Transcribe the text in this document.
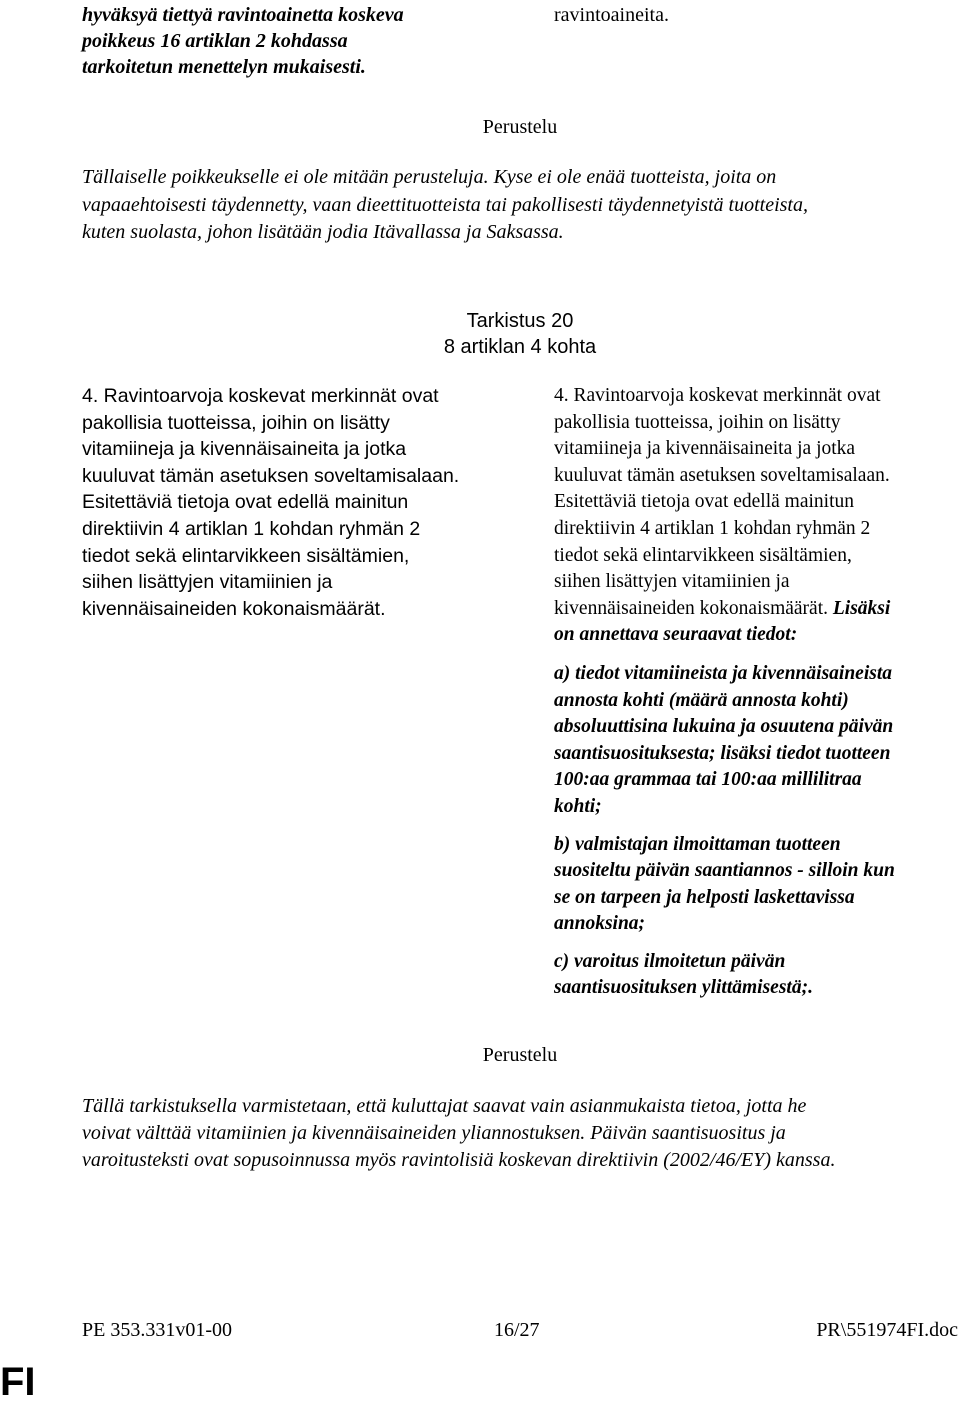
hyväksyä tiettyä ravintoainetta koskeva
poikkeus 16 artiklan 2 kohdassa
tarkoitetun menettelyn mukaisesti.
ravintoaineita.
Perustelu
Tällaiselle poikkeukselle ei ole mitään perusteluja. Kyse ei ole enää tuotteista, joita on
vapaaehtoisesti täydennetty, vaan dieettituotteista tai pakollisesti täydennetyistä tuotteista,
kuten suolasta, johon lisätään jodia Itävallassa ja Saksassa.
Tarkistus 20
8 artiklan 4 kohta
4. Ravintoarvoja koskevat merkinnät ovat
pakollisia tuotteissa, joihin on lisätty
vitamiineja ja kivennäisaineita ja jotka
kuuluvat tämän asetuksen soveltamisalaan.
Esitettäviä tietoja ovat edellä mainitun
direktiivin 4 artiklan 1 kohdan ryhmän 2
tiedot sekä elintarvikkeen sisältämien,
siihen lisättyjen vitamiinien ja
kivennäisaineiden kokonaismäärät.
4. Ravintoarvoja koskevat merkinnät ovat
pakollisia tuotteissa, joihin on lisätty
vitamiineja ja kivennäisaineita ja jotka
kuuluvat tämän asetuksen soveltamisalaan.
Esitettäviä tietoja ovat edellä mainitun
direktiivin 4 artiklan 1 kohdan ryhmän 2
tiedot sekä elintarvikkeen sisältämien,
siihen lisättyjen vitamiinien ja
kivennäisaineiden kokonaismäärät. Lisäksi
on annettava seuraavat tiedot:
a) tiedot vitamiineista ja kivennäisaineista
annosta kohti (määrä annosta kohti)
absoluuttisina lukuina ja osuutena päivän
saantisuosituksesta; lisäksi tiedot tuotteen
100:aa grammaa tai 100:aa millilitraa
kohti;
b) valmistajan ilmoittaman tuotteen
suositeltu päivän saantiannos - silloin kun
se on tarpeen ja helposti laskettavissa
annoksina;
c) varoitus ilmoitetun päivän
saantisuosituksen ylittämisestä;.
Perustelu
Tällä tarkistuksella varmistetaan, että kuluttajat saavat vain asianmukaista tietoa, jotta he
voivat välttää vitamiinien ja kivennäisaineiden yliannostuksen. Päivän saantisuositus ja
varoitusteksti ovat sopusoinnussa myös ravintolisiä koskevan direktiivin (2002/46/EY) kanssa.
PE 353.331v01-00	16/27	PR\551974FI.doc
FI
